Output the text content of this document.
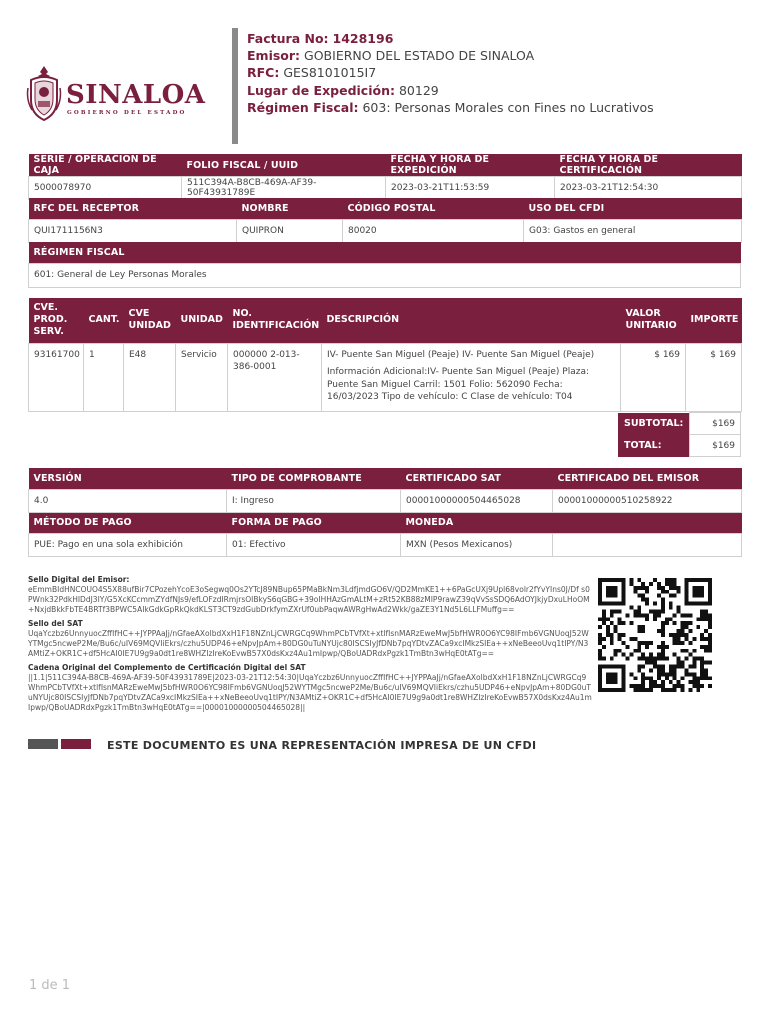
SINALOA
GOBIERNO DEL ESTADO
Factura No: 1428196
Emisor: GOBIERNO DEL ESTADO DE SINALOA
RFC: GES8101015I7
Lugar de Expedición: 80129
Régimen Fiscal: 603: Personas Morales con Fines no Lucrativos
SERIE / OPERACIÓN DE CAJA	FOLIO FISCAL / UUID	FECHA Y HORA DE EXPEDICIÓN	FECHA Y HORA DE CERTIFICACIÓN
5000078970	511C394A-B8CB-469A-AF39-50F43931789E	2023-03-21T11:53:59	2023-03-21T12:54:30
RFC DEL RECEPTOR	NOMBRE	CÓDIGO POSTAL	USO DEL CFDI
QUI1711156N3	QUIPRON	80020	G03: Gastos en general
RÉGIMEN FISCAL
601: General de Ley Personas Morales
CVE. PROD. SERV.	CANT.	CVE UNIDAD	UNIDAD	NO. IDENTIFICACIÓN	DESCRIPCIÓN	VALOR UNITARIO	IMPORTE
93161700	1	E48	Servicio	000000 2-013-386-0001	IV- Puente San Miguel (Peaje) IV- Puente San Miguel (Peaje)
Información Adicional:IV- Puente San Miguel (Peaje) Plaza: Puente San Miguel Carril: 1501 Folio: 562090 Fecha: 16/03/2023 Tipo de vehículo: C Clase de vehículo: T04	$ 169	$ 169
SUBTOTAL:	$169
TOTAL:	$169
VERSIÓN	TIPO DE COMPROBANTE	CERTIFICADO SAT	CERTIFICADO DEL EMISOR
4.0	I: Ingreso	00001000000504465028	00001000000510258922
MÉTODO DE PAGO	FORMA DE PAGO	MONEDA	
PUE: Pago en una sola exhibición	01: Efectivo	MXN (Pesos Mexicanos)	
Sello Digital del Emisor:
eEmmBIdHNCOUO4S5X88ufBir7CPozehYcoE3oSegwq0Os2YTcJ89NBup65PMaBkNm3LdfjmdGO6V/QD2MmKE1++6PaGcUXj9Upl68volr2fYvYIns0J/Df s0PWnk32PdkHIDdJ3IY/G5XcKCcmmZYdfNJs9/efLOFzdIRmjrsOIBkyS6qGBG+39oIHHAzGmALtM+zRt52KB88zMIP9rawZ39qVvSsSDQ6AdOYJkjyDxuLHoOM+NxjdBkkFbTE4BRTf3BPWC5AIkGdkGpRkQkdKLST3CT9zdGubDrkfymZXrUf0ubPaqwAWRgHwAd2Wkk/gaZE3Y1Nd5L6LLFMuffg==
Sello del SAT
UqaYczbz6UnnyuocZffIfHC++JYPPAaJj/nGfaeAXolbdXxH1F18NZnLjCWRGCq9WhmPCbTVfXt+xtlfIsnMARzEweMwJ5bfHWR0O6YC98IFmb6VGNUoqJ52WYTMgc5ncweP2Me/Bu6c/uIV69MQVIiEkrs/czhu5UDP46+eNpvJpAm+80DG0uTuNYUjc80ISCSIyJfDNb7pqYDtvZACa9xcIMkzSIEa++xNeBeeoUvq1tIPY/N3AMtiZ+OKR1C+df5HcAI0IE7U9g9a0dt1re8WHZIzIreKoEvwB57X0dsKxz4Au1mIpwp/QBoUADRdxPgzk1TmBtn3wHqE0tATg==
Cadena Original del Complemento de Certificación Digital del SAT
||1.1|511C394A-B8CB-469A-AF39-50F43931789E|2023-03-21T12:54:30|UqaYczbz6UnnyuocZffIfHC++JYPPAaJj/nGfaeAXolbdXxH1F18NZnLjCWRGCq9WhmPCbTVfXt+xtlfIsnMARzEweMwJ5bfHWR0O6YC98IFmb6VGNUoqJ52WYTMgc5ncweP2Me/Bu6c/uIV69MQVIiEkrs/czhu5UDP46+eNpvJpAm+80DG0uTuNYUjc80ISCSIyJfDNb7pqYDtvZACa9xcIMkzSIEa++xNeBeeoUvq1tIPY/N3AMtiZ+OKR1C+df5HcAI0IE7U9g9a0dt1re8WHZIzIreKoEvwB57X0dsKxz4Au1mIpwp/QBoUADRdxPgzk1TmBtn3wHqE0tATg==|00001000000504465028||
ESTE DOCUMENTO ES UNA REPRESENTACIÓN IMPRESA DE UN CFDI
1 de 1
